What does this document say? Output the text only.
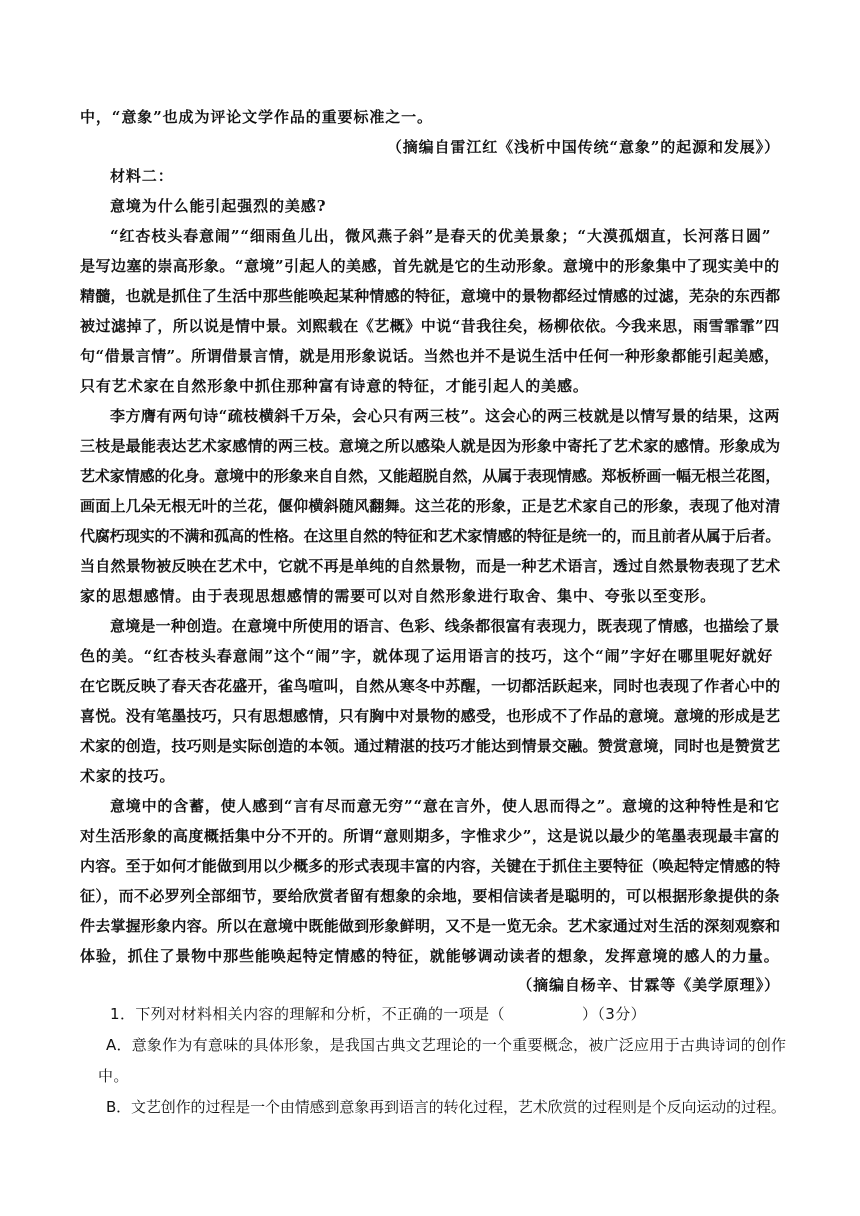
中，“意象”也成为评论文学作品的重要标准之一。
（摘编自雷江红《浅析中国传统“意象”的起源和发展》）
材料二：
意境为什么能引起强烈的美感?
“红杏枝头春意闹”“细雨鱼儿出，微风燕子斜”是春天的优美景象；“大漠孤烟直，长河落日圆”
是写边塞的崇高形象。“意境”引起人的美感，首先就是它的生动形象。意境中的形象集中了现实美中的
精髓，也就是抓住了生活中那些能唤起某种情感的特征，意境中的景物都经过情感的过滤，芜杂的东西都
被过滤掉了，所以说是情中景。刘熙载在《艺概》中说“昔我往矣，杨柳依依。今我来思，雨雪霏霏”四
句“借景言情”。所谓借景言情，就是用形象说话。当然也并不是说生活中任何一种形象都能引起美感，
只有艺术家在自然形象中抓住那种富有诗意的特征，才能引起人的美感。
李方膺有两句诗“疏枝横斜千万朵，会心只有两三枝”。这会心的两三枝就是以情写景的结果，这两
三枝是最能表达艺术家感情的两三枝。意境之所以感染人就是因为形象中寄托了艺术家的感情。形象成为
艺术家情感的化身。意境中的形象来自自然，又能超脱自然，从属于表现情感。郑板桥画一幅无根兰花图，
画面上几朵无根无叶的兰花，偃仰横斜随风翻舞。这兰花的形象，正是艺术家自己的形象，表现了他对清
代腐朽现实的不满和孤高的性格。在这里自然的特征和艺术家情感的特征是统一的，而且前者从属于后者。
当自然景物被反映在艺术中，它就不再是单纯的自然景物，而是一种艺术语言，透过自然景物表现了艺术
家的思想感情。由于表现思想感情的需要可以对自然形象进行取舍、集中、夸张以至变形。
意境是一种创造。在意境中所使用的语言、色彩、线条都很富有表现力，既表现了情感，也描绘了景
色的美。“红杏枝头春意闹”这个“闹”字，就体现了运用语言的技巧，这个“闹”字好在哪里呢好就好
在它既反映了春天杏花盛开，雀鸟喧叫，自然从寒冬中苏醒，一切都活跃起来，同时也表现了作者心中的
喜悦。没有笔墨技巧，只有思想感情，只有胸中对景物的感受，也形成不了作品的意境。意境的形成是艺
术家的创造，技巧则是实际创造的本领。通过精湛的技巧才能达到情景交融。赞赏意境，同时也是赞赏艺
术家的技巧。
意境中的含蓄，使人感到“言有尽而意无穷”“意在言外，使人思而得之”。意境的这种特性是和它
对生活形象的高度概括集中分不开的。所谓“意则期多，字惟求少”，这是说以最少的笔墨表现最丰富的
内容。至于如何才能做到用以少概多的形式表现丰富的内容，关键在于抓住主要特征（唤起特定情感的特
征），而不必罗列全部细节，要给欣赏者留有想象的余地，要相信读者是聪明的，可以根据形象提供的条
件去掌握形象内容。所以在意境中既能做到形象鲜明，又不是一览无余。艺术家通过对生活的深刻观察和
体验，抓住了景物中那些能唤起特定情感的特征，就能够调动读者的想象，发挥意境的感人的力量。
（摘编自杨辛、甘霖等《美学原理》）
1．下列对材料相关内容的理解和分析，不正确的一项是（　　　　　）（3分）
A．意象作为有意味的具体形象，是我国古典文艺理论的一个重要概念，被广泛应用于古典诗词的创作
中。
B．文艺创作的过程是一个由情感到意象再到语言的转化过程，艺术欣赏的过程则是个反向运动的过程。
